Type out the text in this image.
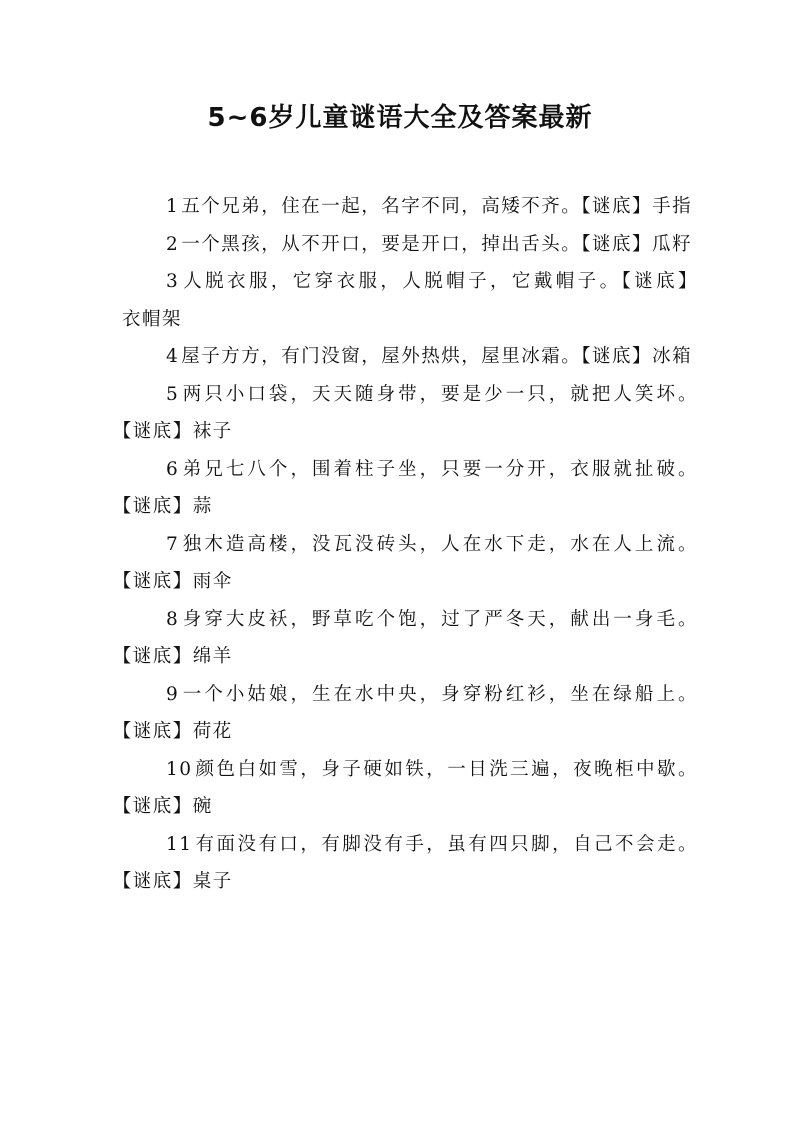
5~6岁儿童谜语大全及答案最新

1 五个兄弟，住在一起，名字不同，高矮不齐。【谜底】手指

2 一个黑孩，从不开口，要是开口，掉出舌头。【谜底】瓜籽

3 人脱衣服，它穿衣服，人脱帽子，它戴帽子。【谜底】衣帽架

4 屋子方方，有门没窗，屋外热烘，屋里冰霜。【谜底】冰箱

5 两只小口袋，天天随身带，要是少一只，就把人笑坏。【谜底】袜子

6 弟兄七八个，围着柱子坐，只要一分开，衣服就扯破。【谜底】蒜

7 独木造高楼，没瓦没砖头，人在水下走，水在人上流。【谜底】雨伞

8 身穿大皮袄，野草吃个饱，过了严冬天，献出一身毛。【谜底】绵羊

9 一个小姑娘，生在水中央，身穿粉红衫，坐在绿船上。【谜底】荷花

10 颜色白如雪，身子硬如铁，一日洗三遍，夜晚柜中歇。【谜底】碗

11 有面没有口，有脚没有手，虽有四只脚，自己不会走。【谜底】桌子
